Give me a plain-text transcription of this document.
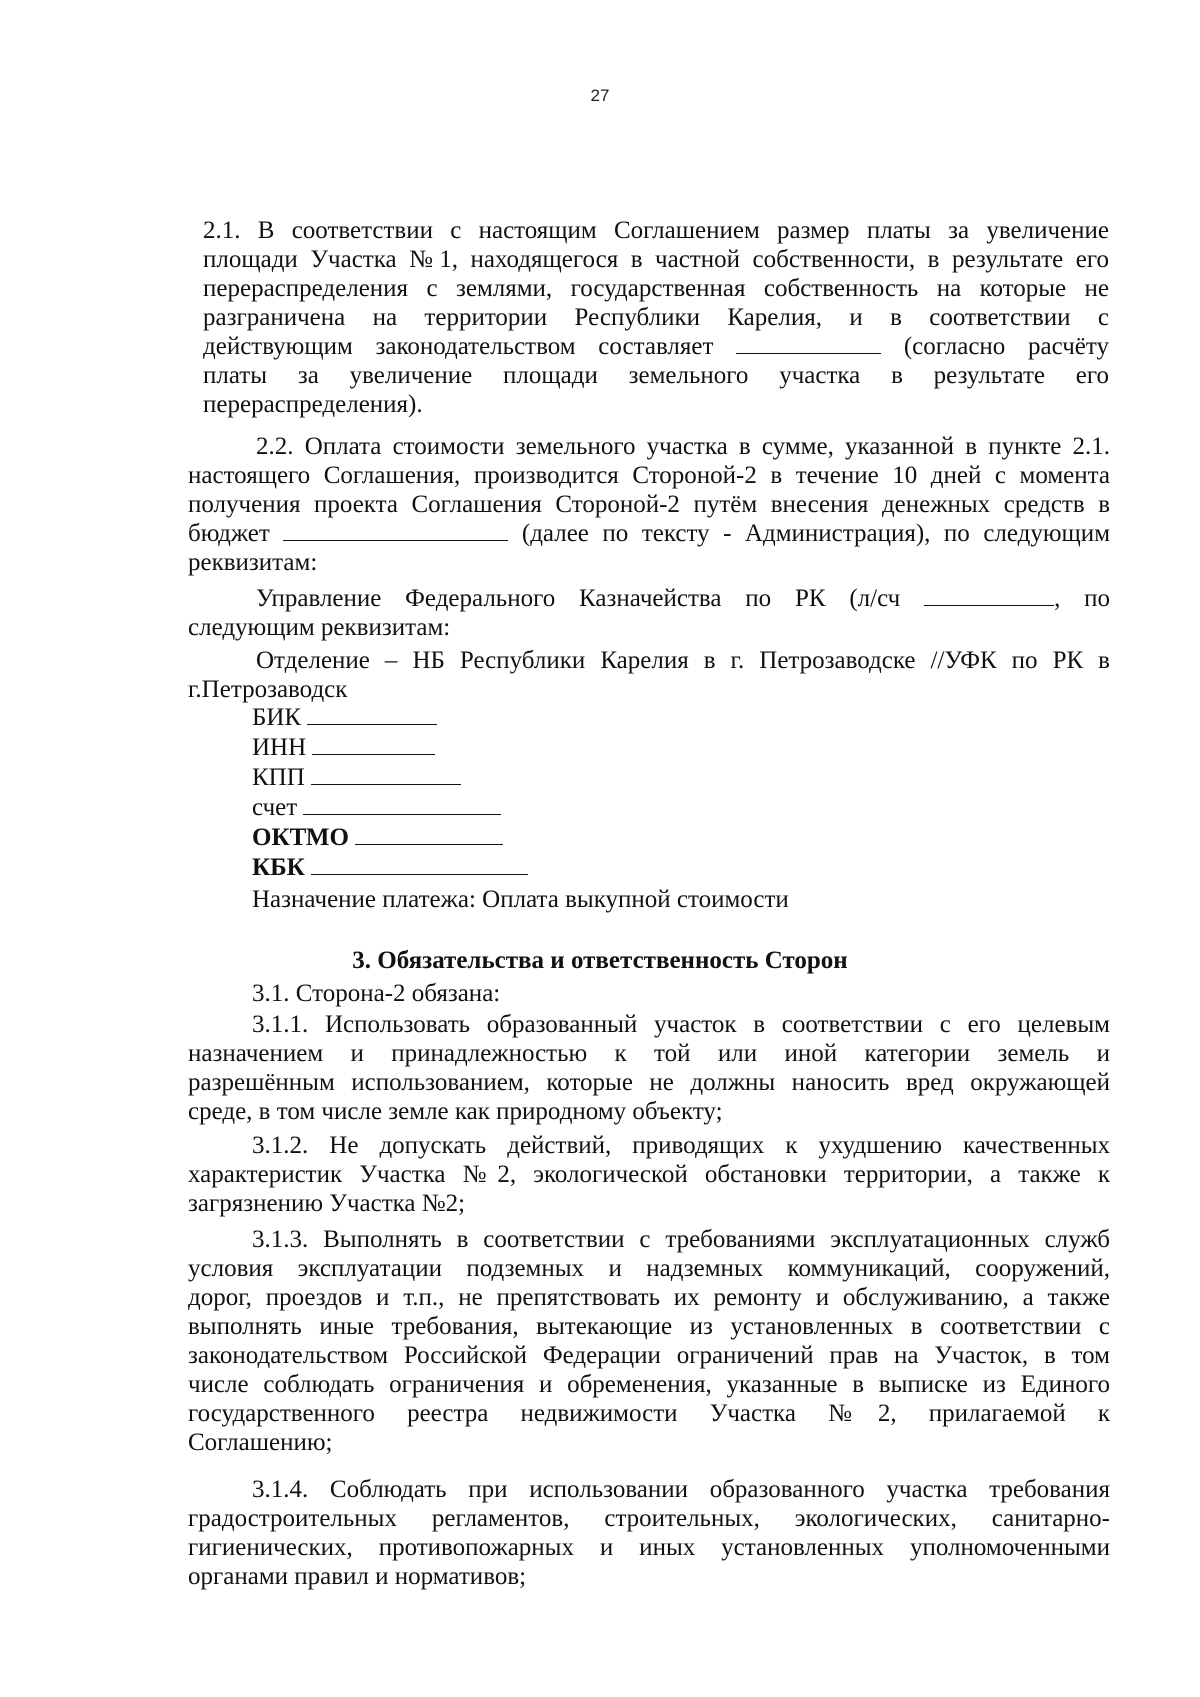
27
2.1. В соответствии с настоящим Соглашением размер платы за увеличение
площади Участка №1, находящегося в частной собственности, в результате его
перераспределения с землями, государственная собственность на которые не
разграничена на территории Республики Карелия, и в соответствии с
действующим законодательством составляет	(согласно расчёту
платы за увеличение площади земельного участка в результате его
перераспределения).
2.2. Оплата стоимости земельного участка в сумме, указанной в пункте 2.1.
настоящего Соглашения, производится Стороной-2 в течение 10 дней с момента
получения проекта Соглашения Стороной-2 путём внесения денежных средств в
бюджет	(далее по тексту - Администрация), по следующим
реквизитам:
Управление Федерального Казначейства по РК (л/сч	, по
следующим реквизитам:
Отделение – НБ Республики Карелия в г. Петрозаводске //УФК по РК в
г.Петрозаводск
БИК
ИНН
КПП
счет
ОКТМО
КБК
Назначение платежа: Оплата выкупной стоимости
3. Обязательства и ответственность Сторон
3.1. Сторона-2 обязана:
3.1.1. Использовать образованный участок в соответствии с его целевым
назначением и принадлежностью к той или иной категории земель и
разрешённым использованием, которые не должны наносить вред окружающей
среде, в том числе земле как природному объекту;
3.1.2. Не допускать действий, приводящих к ухудшению качественных
характеристик Участка №2, экологической обстановки территории, а также к
загрязнению Участка №2;
3.1.3. Выполнять в соответствии с требованиями эксплуатационных служб
условия эксплуатации подземных и надземных коммуникаций, сооружений,
дорог, проездов и т.п., не препятствовать их ремонту и обслуживанию, а также
выполнять иные требования, вытекающие из установленных в соответствии с
законодательством Российской Федерации ограничений прав на Участок, в том
числе соблюдать ограничения и обременения, указанные в выписке из Единого
государственного реестра недвижимости Участка №2, прилагаемой к
Соглашению;
3.1.4. Соблюдать при использовании образованного участка требования
градостроительных регламентов, строительных, экологических, санитарно-
гигиенических, противопожарных и иных установленных уполномоченными
органами правил и нормативов;
